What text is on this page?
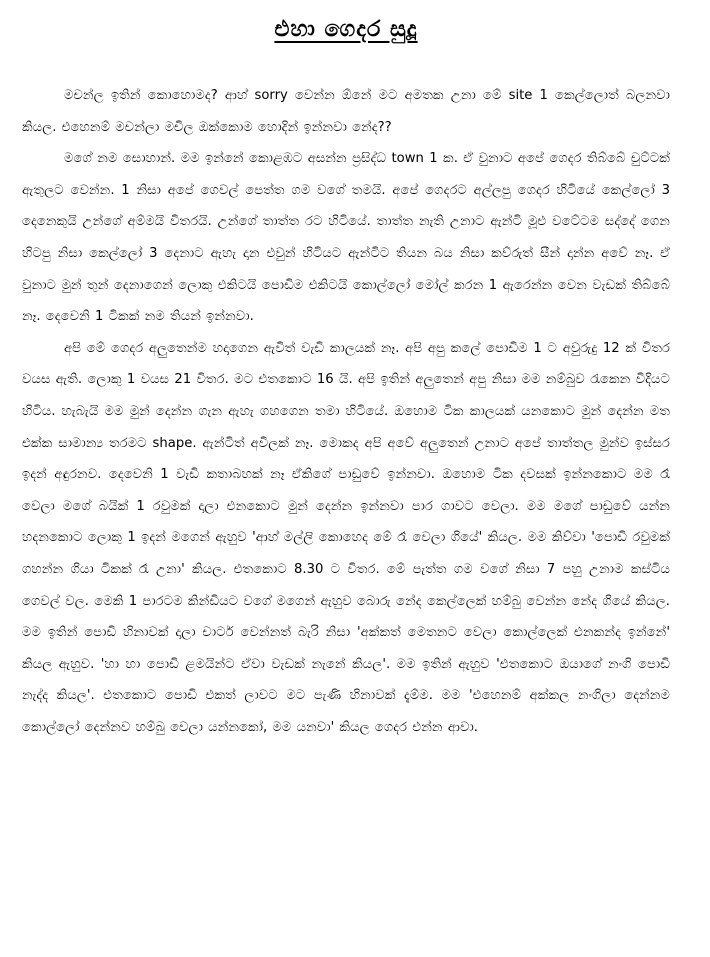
එහා ගෙදර සුදූ

මචන්ල ඉතින් කොහොමද? ආහ් sorry වෙන්න ඕනේ මට අමතක උනා මේ site 1 කෙල්ලොත් බලනවා කියල. එහෙනම් මචන්ලා මචිල ඔක්කොම හොදින් ඉන්නවා නේද??

මගේ නම සොහාන්. මම ඉන්නේ කොළඹට අසන්න ප්‍රසිද්ධ town 1 ක. ඒ වුනාට අපේ ගෙදර තිබ්බේ චුට්ටක් ඇතුලට වෙන්න. 1 නිසා අපේ ගෙවල් පෙත්ත ගම වගේ තමයි. අපේ ගෙදරට අල්ලපු ගෙදර හිටියේ කෙල්ලෝ 3 දෙනෙකුයි උන්ගේ අම්මයි විතරයි. උන්ගේ තාත්ත රට හිටියේ. තාත්ත නැති උනාට ඇන්ටි මූළු වටේටම සද්දේ ගෙන හිටපු නිසා කෙල්ලෝ 3 දෙනාට ඇහැ දාන එවුන් හිටියට ඇන්ටිට තියන බය නිසා කව්රුත් සීන් දාන්න අවේ නෑ. ඒ වුනාට මුන් තුන් දෙනාගෙන් ලොකු එකිටයි පොඩිම එකිටයි කොල්ලෝ මෝල් කරන 1 ඇරෙන්න වෙන වැඩක් තිබ්බේ නෑ. දෙවෙනි 1 ටිකක් නම තියන් ඉන්නවා.

අපි මේ ගෙදර අලුතෙන්ම හදාගෙන ඇවිත් වැඩි කාලයක් නෑ. අපි අපු කලේ පොඩිම 1 ට අවුරුදු 12 ක් විතර වයස ඇති. ලොකු 1 වයස 21 විතර. මට එතකොට 16 යි. අපි ඉතින් අලුතෙන් අපු නිසා මම නම්බුව රැකෙන විදියට හිටිය. හැබැයි මම මුන් දෙන්න ගැන ඇහැ ගහගෙන තමා හිටියේ. ඔහොම ටික කාලයක් යනකොට මුන් දෙන්න මත එක්ක සාමාන්‍ය තරමට shape. ඇන්ටිත් අවිලක් නෑ. මොකද අපි අවේ අලුතෙන් උනාට අපේ තාත්තල මුන්ව ඉස්සර ඉදන් අඳුරනව. දෙවෙනි 1 වැඩි කතාබහක් නෑ ඒකිගේ පාඩුවේ ඉන්නවා. ඔහොම ටික දවසක් ඉන්නකොට මම රෑ වෙලා මගේ බයික් 1 රවුමක් දාලා එනකොට මුන් දෙන්න ඉන්නවා පාර ගාවට වෙලා. මම මගේ පාඩුවේ යන්න හදනකොට ලොකු 1 ඉදන් මගෙන් ඇහුව 'ආහ් මල්ලි කොහෙද මේ රෑ වෙලා ගියේ' කියල. මම කිව්වා 'පොඩි රවුමක් ගහන්න ගියා ටිකක් රෑ උනා' කියල. එතකොට 8.30 ට විතර. මේ පැත්ත ගම වගේ නිසා 7 පහු උනාම කස්ටිය ගෙවල් වල. මෙකි 1 පාරටම කින්ඩියට වගේ මගෙන් ඇහුව බොරු නේද කෙල්ලෙක් හම්බු වෙන්න නේද ගියේ කියල. මම ඉතින් පොඩි හිනාවක් දාලා චාටර් වෙන්නත් බැරි නිසා 'අක්කත් මෙතනට වෙලා කොල්ලෙක් එනකන්ද ඉන්නේ' කියල ඇහුව. 'හා හා පොඩි ළමයින්ට ඒවා වැඩක් නැනේ කියල'. මම ඉතින් ඇහුව 'එතකොට ඔයාගේ නංගි පොඩි නැද්ද කියල'. එතකොට පොඩි එකත් ලාවට මට පැණි හිනාවක් දැම්ම. මම 'එහෙනම් අක්කල නංගිලා දෙන්නම කොල්ලෝ දෙන්නව හම්බු වෙලා යන්නකෝ, මම යනවා' කියල ගෙදර එන්න ආවා.
